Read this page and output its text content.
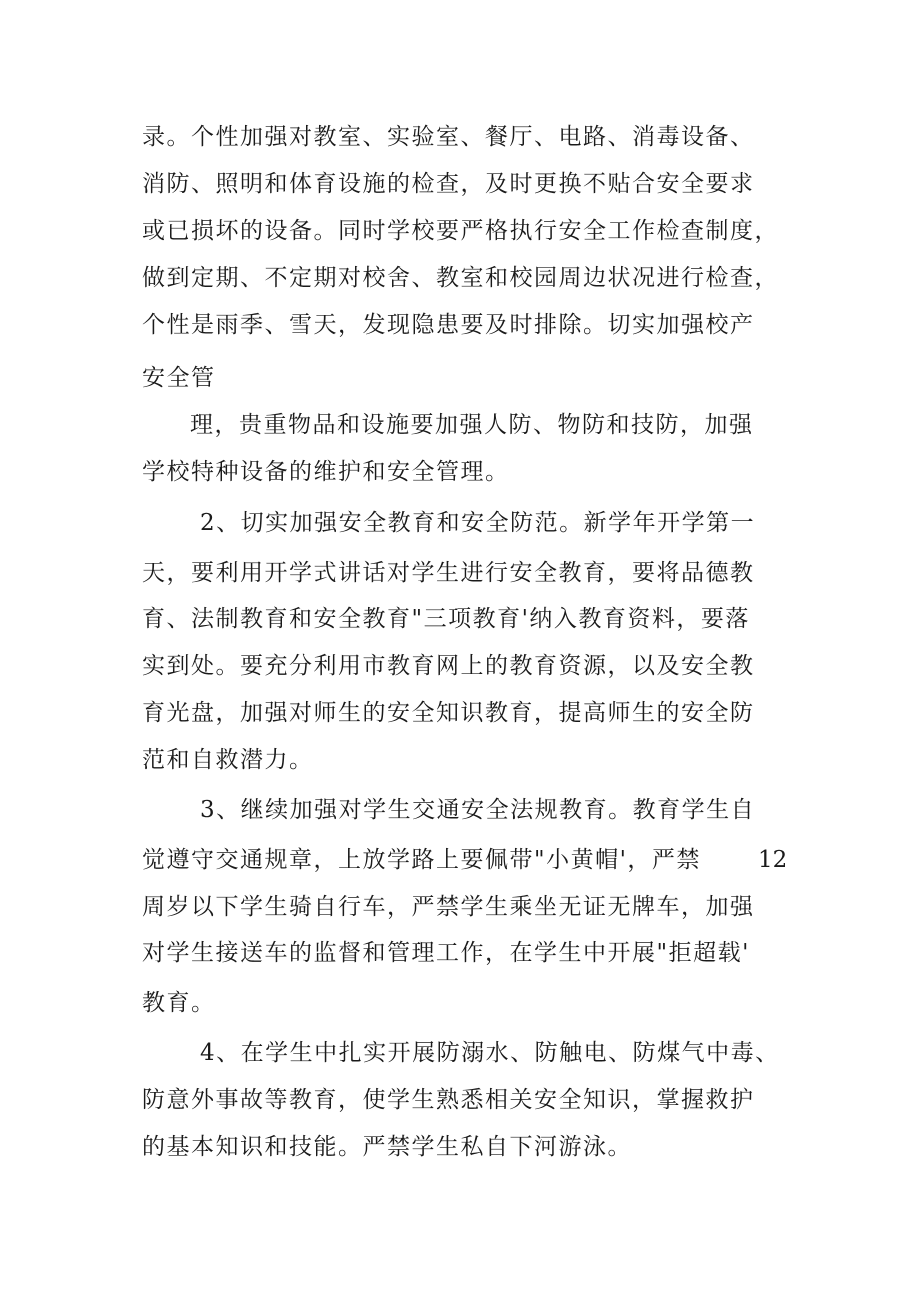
录。个性加强对教室、实验室、餐厅、电路、消毒设备、
消防、照明和体育设施的检查，及时更换不贴合安全要求
或已损坏的设备。同时学校要严格执行安全工作检查制度，
做到定期、不定期对校舍、教室和校园周边状况进行检查，
个性是雨季、雪天，发现隐患要及时排除。切实加强校产
安全管
理，贵重物品和设施要加强人防、物防和技防，加强
学校特种设备的维护和安全管理。
2、切实加强安全教育和安全防范。新学年开学第一
天，要利用开学式讲话对学生进行安全教育，要将品德教
育、法制教育和安全教育"三项教育'纳入教育资料，要落
实到处。要充分利用市教育网上的教育资源，以及安全教
育光盘，加强对师生的安全知识教育，提高师生的安全防
范和自救潜力。
3、继续加强对学生交通安全法规教育。教育学生自
觉遵守交通规章，上放学路上要佩带"小黄帽'，严禁 12
周岁以下学生骑自行车，严禁学生乘坐无证无牌车，加强
对学生接送车的监督和管理工作，在学生中开展"拒超载'
教育。
4、在学生中扎实开展防溺水、防触电、防煤气中毒、
防意外事故等教育，使学生熟悉相关安全知识，掌握救护
的基本知识和技能。严禁学生私自下河游泳。
